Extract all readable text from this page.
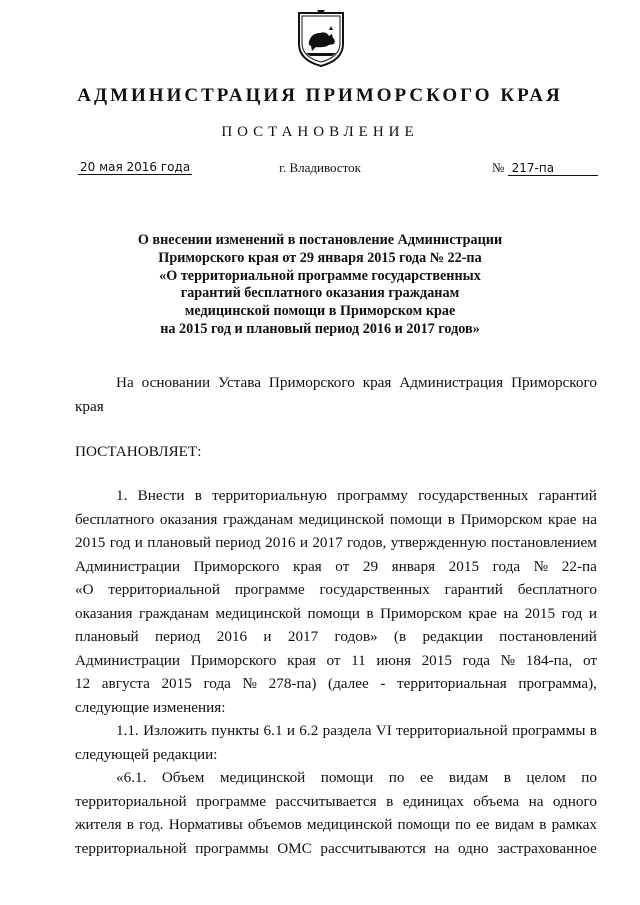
АДМИНИСТРАЦИЯ ПРИМОРСКОГО КРАЯ
ПОСТАНОВЛЕНИЕ
20 мая 2016 года	г. Владивосток	№ 217-па
О внесении изменений в постановление Администрации
Приморского края от 29 января 2015 года № 22-па
«О территориальной программе государственных
гарантий бесплатного оказания гражданам
медицинской помощи в Приморском крае
на 2015 год и плановый период 2016 и 2017 годов»
На основании Устава Приморского края Администрация Приморского
края
ПОСТАНОВЛЯЕТ:
1. Внести в территориальную программу государственных гарантий
бесплатного оказания гражданам медицинской помощи в Приморском крае на
2015 год и плановый период 2016 и 2017 годов, утвержденную постановлением
Администрации Приморского края от 29 января 2015 года № 22-па
«О территориальной программе государственных гарантий бесплатного
оказания гражданам медицинской помощи в Приморском крае на 2015 год и
плановый период 2016 и 2017 годов» (в редакции постановлений
Администрации Приморского края от 11 июня 2015 года № 184-па, от
12 августа 2015 года № 278-па) (далее - территориальная программа),
следующие изменения:
1.1. Изложить пункты 6.1 и 6.2 раздела VI территориальной программы в
следующей редакции:
«6.1. Объем медицинской помощи по ее видам в целом по
территориальной программе рассчитывается в единицах объема на одного
жителя в год. Нормативы объемов медицинской помощи по ее видам в рамках
территориальной программы ОМС рассчитываются на одно застрахованное
